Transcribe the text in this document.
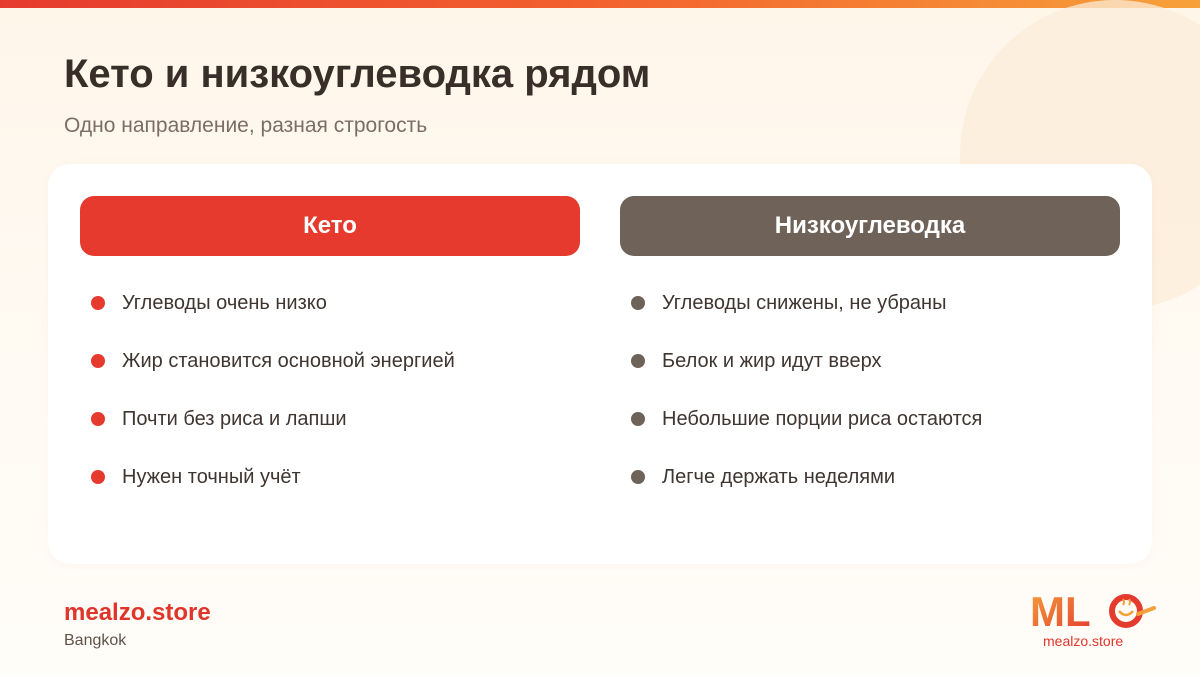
Кето и низкоуглеводка рядом
Одно направление, разная строгость
Кето
Углеводы очень низко
Жир становится основной энергией
Почти без риса и лапши
Нужен точный учёт
Низкоуглеводка
Углеводы снижены, не убраны
Белок и жир идут вверх
Небольшие порции риса остаются
Легче держать неделями
mealzo.store
Bangkok
ML
mealzo.store
